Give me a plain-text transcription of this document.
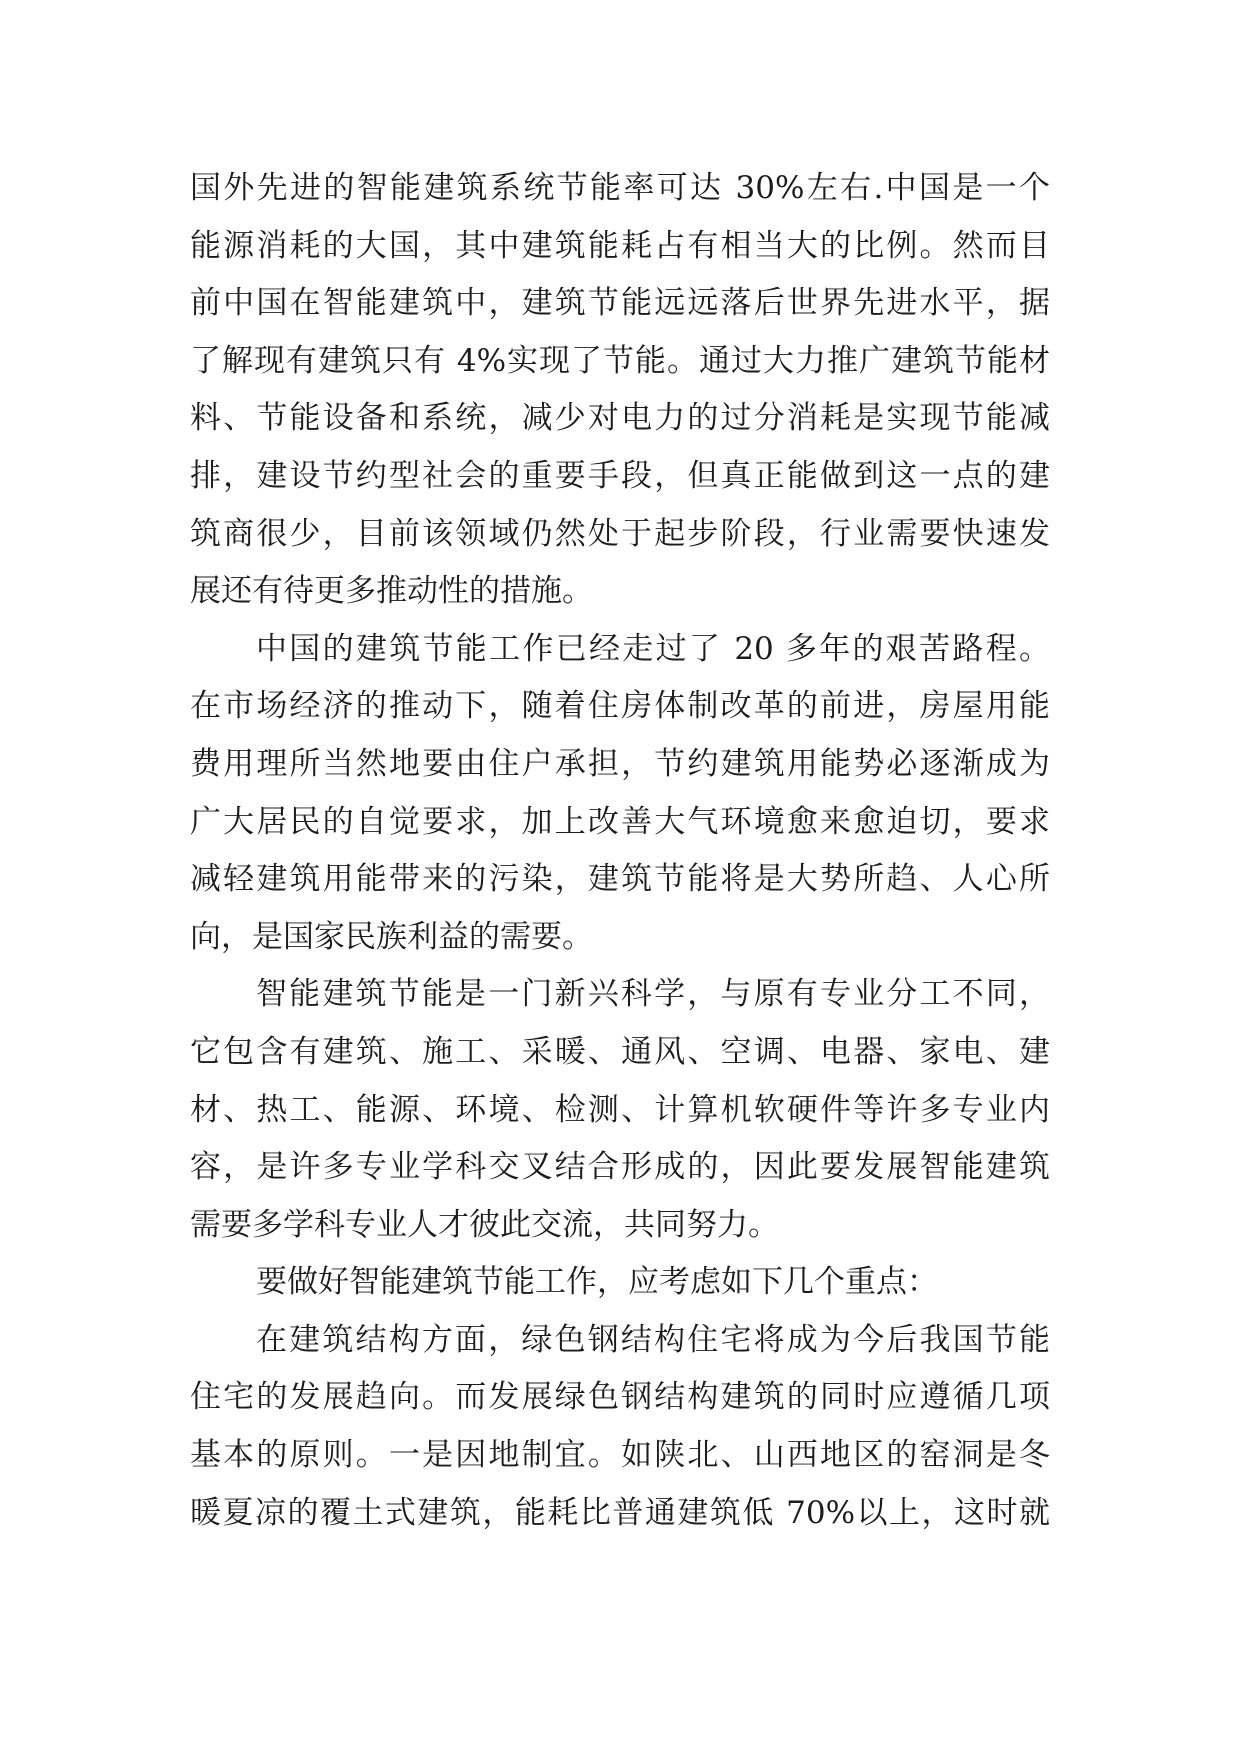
国外先进的智能建筑系统节能率可达 30%左右.中国是一个
能源消耗的大国，其中建筑能耗占有相当大的比例。然而目
前中国在智能建筑中，建筑节能远远落后世界先进水平，据
了解现有建筑只有 4%实现了节能。通过大力推广建筑节能材
料、节能设备和系统，减少对电力的过分消耗是实现节能减
排，建设节约型社会的重要手段，但真正能做到这一点的建
筑商很少，目前该领域仍然处于起步阶段，行业需要快速发
展还有待更多推动性的措施。
中国的建筑节能工作已经走过了 20 多年的艰苦路程。
在市场经济的推动下，随着住房体制改革的前进，房屋用能
费用理所当然地要由住户承担，节约建筑用能势必逐渐成为
广大居民的自觉要求，加上改善大气环境愈来愈迫切，要求
减轻建筑用能带来的污染，建筑节能将是大势所趋、人心所
向，是国家民族利益的需要。
智能建筑节能是一门新兴科学，与原有专业分工不同，
它包含有建筑、施工、采暖、通风、空调、电器、家电、建
材、热工、能源、环境、检测、计算机软硬件等许多专业内
容，是许多专业学科交叉结合形成的，因此要发展智能建筑
需要多学科专业人才彼此交流，共同努力。
要做好智能建筑节能工作，应考虑如下几个重点：
在建筑结构方面，绿色钢结构住宅将成为今后我国节能
住宅的发展趋向。而发展绿色钢结构建筑的同时应遵循几项
基本的原则。一是因地制宜。如陕北、山西地区的窑洞是冬
暖夏凉的覆土式建筑，能耗比普通建筑低 70%以上，这时就
